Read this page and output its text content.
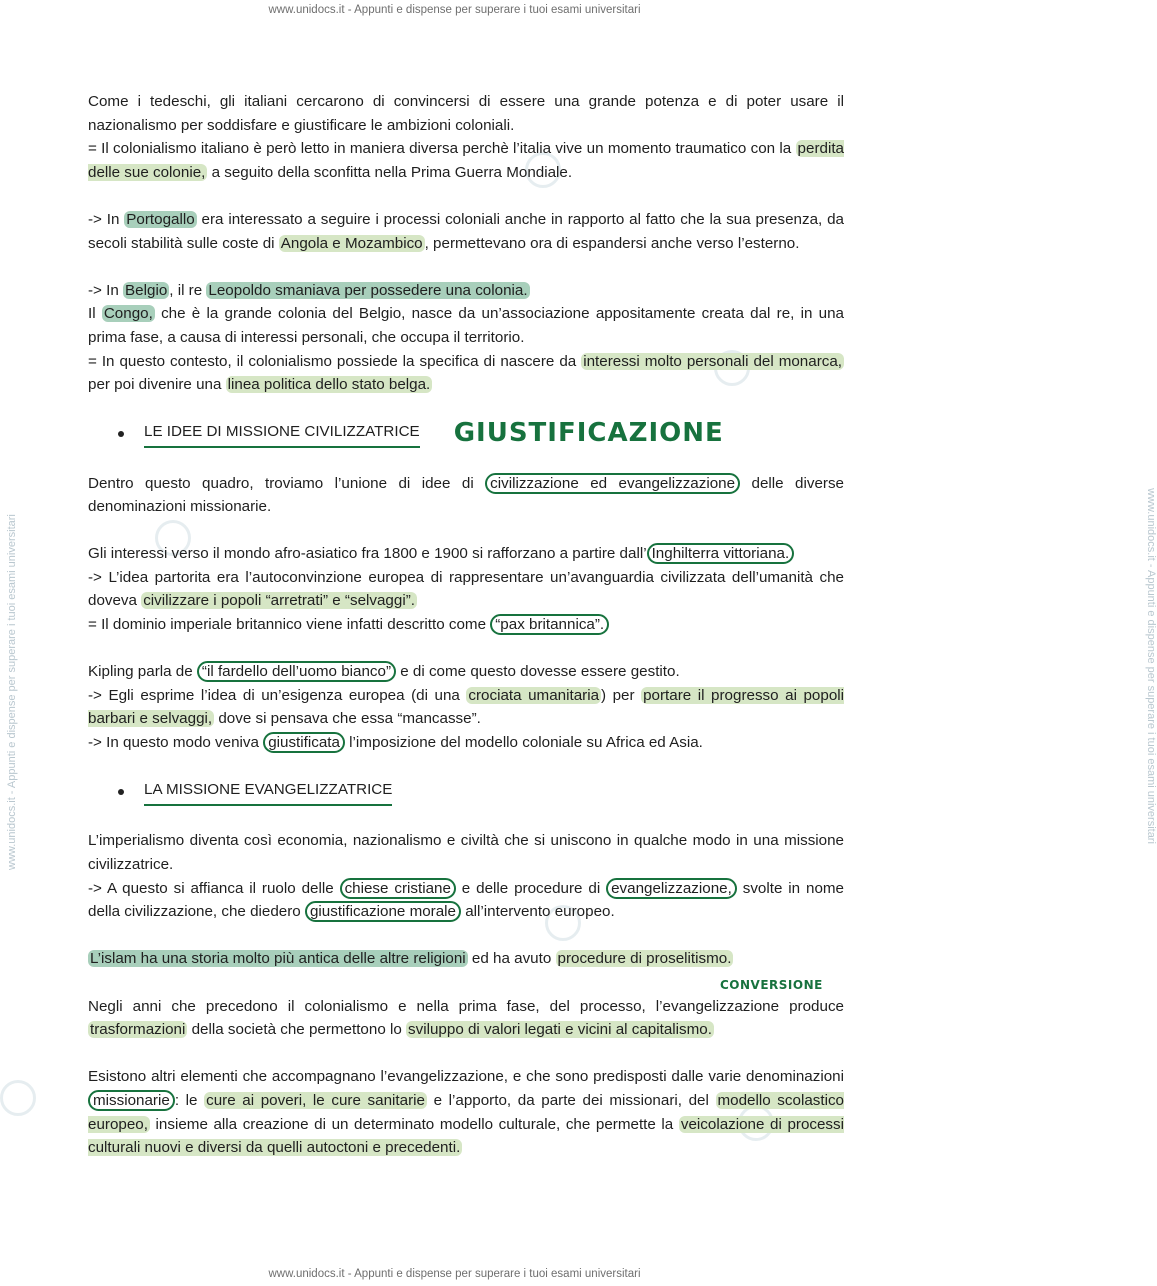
www.unidocs.it - Appunti e dispense per superare i tuoi esami universitari
www.unidocs.it - Appunti e dispense per superare i tuoi esami universitari
www.unidocs.it - Appunti e dispense per superare i tuoi esami universitari	www.unidocs.it - Appunti e dispense per superare i tuoi esami universitari

Come i tedeschi, gli italiani cercarono di convincersi di essere una grande potenza e di poter usare il nazionalismo per soddisfare e giustificare le ambizioni coloniali.
= Il colonialismo italiano è però letto in maniera diversa perchè l’italia vive un momento traumatico con la perdita delle sue colonie, a seguito della sconfitta nella Prima Guerra Mondiale.

-> In Portogallo era interessato a seguire i processi coloniali anche in rapporto al fatto che la sua presenza, da secoli stabilità sulle coste di Angola e Mozambico , permettevano ora di espandersi anche verso l’esterno.

-> In Belgio , il re Leopoldo smaniava per possedere una colonia.
Il Congo, che è la grande colonia del Belgio, nasce da un’associazione appositamente creata dal re, in una prima fase, a causa di interessi personali, che occupa il territorio.
= In questo contesto, il colonialismo possiede la specifica di nascere da interessi molto personali del monarca, per poi divenire una linea politica dello stato belga.

LE IDEE DI MISSIONE CIVILIZZATRICE GIUSTIFICAZIONE

Dentro questo quadro, troviamo l’unione di idee di civilizzazione ed evangelizzazione delle diverse denominazioni missionarie.

Gli interessi verso il mondo afro-asiatico fra 1800 e 1900 si rafforzano a partire dall’ Inghilterra vittoriana.
-> L’idea partorita era l’autoconvinzione europea di rappresentare un’avanguardia civilizzata dell’umanità che doveva civilizzare i popoli “arretrati” e “selvaggi”.
= Il dominio imperiale britannico viene infatti descritto come “pax britannica”.

Kipling parla de “il fardello dell’uomo bianco” e di come questo dovesse essere gestito.
-> Egli esprime l’idea di un’esigenza europea (di una crociata umanitaria ) per portare il progresso ai popoli barbari e selvaggi, dove si pensava che essa “mancasse”.
-> In questo modo veniva giustificata l’imposizione del modello coloniale su Africa ed Asia.

LA MISSIONE EVANGELIZZATRICE

L’imperialismo diventa così economia, nazionalismo e civiltà che si uniscono in qualche modo in una missione civilizzatrice.
-> A questo si affianca il ruolo delle chiese cristiane e delle procedure di evangelizzazione, svolte in nome della civilizzazione, che diedero giustificazione morale all’intervento europeo.

L’islam ha una storia molto più antica delle altre religioni ed ha avuto procedure di proselitismo.

Negli anni che precedono il colonialismo e nella prima fase, del processo, l’evangelizzazione produce trasformazioni della società che permettono lo sviluppo di valori legati e vicini al capitalismo.

Esistono altri elementi che accompagnano l’evangelizzazione, e che sono predisposti dalle varie denominazioni missionarie : le cure ai poveri, le cure sanitarie e l’apporto, da parte dei missionari, del modello scolastico europeo, insieme alla creazione di un determinato modello culturale, che permette la veicolazione di processi culturali nuovi e diversi da quelli autoctoni e precedenti.

CONVERSIONE
